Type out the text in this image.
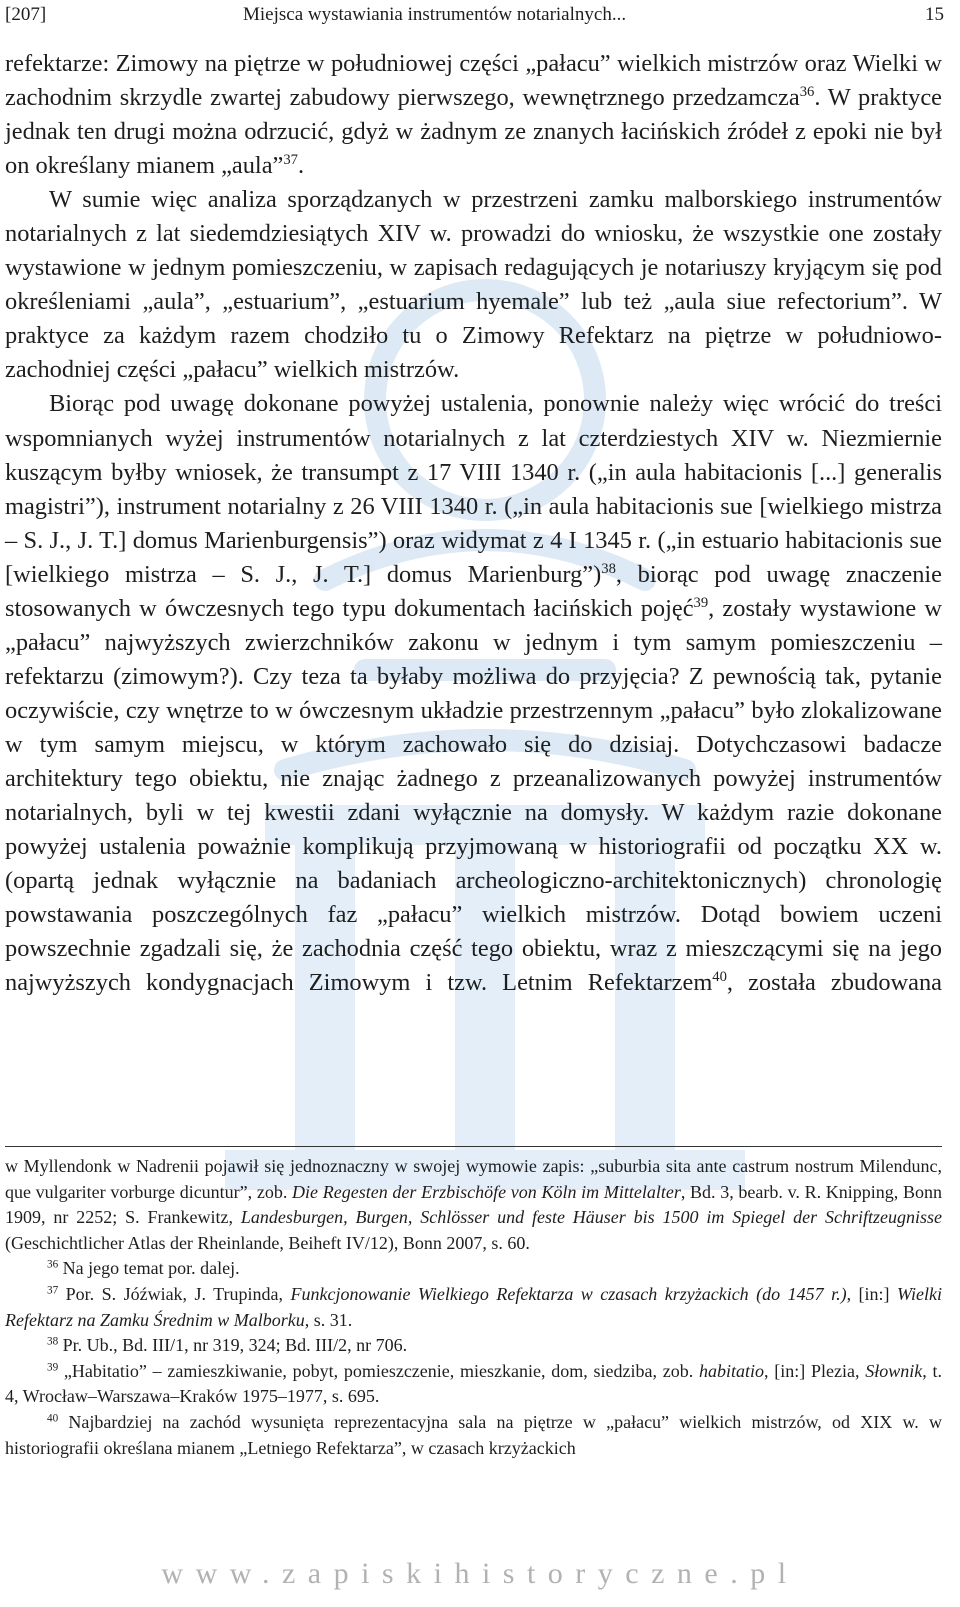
[207]	Miejsca wystawiania instrumentów notarialnych...	15

refektarze: Zimowy na piętrze w południowej części „pałacu” wielkich mistrzów oraz Wielki w zachodnim skrzydle zwartej zabudowy pierwszego, wewnętrznego przedzamcza$^{36}$. W praktyce jednak ten drugi można odrzucić, gdyż w żadnym ze znanych łacińskich źródeł z epoki nie był on określany mianem „aula”$^{37}$.

W sumie więc analiza sporządzanych w przestrzeni zamku malborskiego instrumentów notarialnych z lat siedemdziesiątych XIV w. prowadzi do wniosku, że wszystkie one zostały wystawione w jednym pomieszczeniu, w zapisach redagujących je notariuszy kryjącym się pod określeniami „aula”, „estuarium”, „estuarium hyemale” lub też „aula siue refectorium”. W praktyce za każdym razem chodziło tu o Zimowy Refektarz na piętrze w południowo-zachodniej części „pałacu” wielkich mistrzów.

Biorąc pod uwagę dokonane powyżej ustalenia, ponownie należy więc wrócić do treści wspomnianych wyżej instrumentów notarialnych z lat czterdziestych XIV w. Niezmiernie kuszącym byłby wniosek, że transumpt z 17 VIII 1340 r. („in aula habitacionis [...] generalis magistri”), instrument notarialny z 26 VIII 1340 r. („in aula habitacionis sue [wielkiego mistrza – S. J., J. T.] domus Marienburgensis”) oraz widymat z 4 I 1345 r. („in estuario habitacionis sue [wielkiego mistrza – S. J., J. T.] domus Marienburg”)$^{38}$, biorąc pod uwagę znaczenie stosowanych w ówczesnych tego typu dokumentach łacińskich pojęć$^{39}$, zostały wystawione w „pałacu” najwyższych zwierzchników zakonu w jednym i tym samym pomieszczeniu – refektarzu (zimowym?). Czy teza ta byłaby możliwa do przyjęcia? Z pewnością tak, pytanie oczywiście, czy wnętrze to w ówczesnym układzie przestrzennym „pałacu” było zlokalizowane w tym samym miejscu, w którym zachowało się do dzisiaj. Dotychczasowi badacze architektury tego obiektu, nie znając żadnego z przeanalizowanych powyżej instrumentów notarialnych, byli w tej kwestii zdani wyłącznie na domysły. W każdym razie dokonane powyżej ustalenia poważnie komplikują przyjmowaną w historiografii od początku XX w. (opartą jednak wyłącznie na badaniach archeologiczno-architektonicznych) chronologię powstawania poszczególnych faz „pałacu” wielkich mistrzów. Dotąd bowiem uczeni powszechnie zgadzali się, że zachodnia część tego obiektu, wraz z mieszczącymi się na jego najwyższych kondygnacjach Zimowym i tzw. Letnim Refektarzem$^{40}$, została zbudowana

w Myllendonk w Nadrenii pojawił się jednoznaczny w swojej wymowie zapis: „suburbia sita ante castrum nostrum Milendunc, que vulgariter vorburge dicuntur”, zob. Die Regesten der Erzbischöfe von Köln im Mittelalter, Bd. 3, bearb. v. R. Knipping, Bonn 1909, nr 2252; S. Frankewitz, Landesburgen, Burgen, Schlösser und feste Häuser bis 1500 im Spiegel der Schriftzeugnisse (Geschichtlicher Atlas der Rheinlande, Beiheft IV/12), Bonn 2007, s. 60.

$^{36}$ Na jego temat por. dalej.

$^{37}$ Por. S. Jóźwiak, J. Trupinda, Funkcjonowanie Wielkiego Refektarza w czasach krzyżackich (do 1457 r.), [in:] Wielki Refektarz na Zamku Średnim w Malborku, s. 31.

$^{38}$ Pr. Ub., Bd. III/1, nr 319, 324; Bd. III/2, nr 706.

$^{39}$ „Habitatio” – zamieszkiwanie, pobyt, pomieszczenie, mieszkanie, dom, siedziba, zob. habitatio, [in:] Plezia, Słownik, t. 4, Wrocław–Warszawa–Kraków 1975–1977, s. 695.

$^{40}$ Najbardziej na zachód wysunięta reprezentacyjna sala na piętrze w „pałacu” wielkich mistrzów, od XIX w. w historiografii określana mianem „Letniego Refektarza”, w czasach krzyżackich

www.zapiskihistoryczne.pl
